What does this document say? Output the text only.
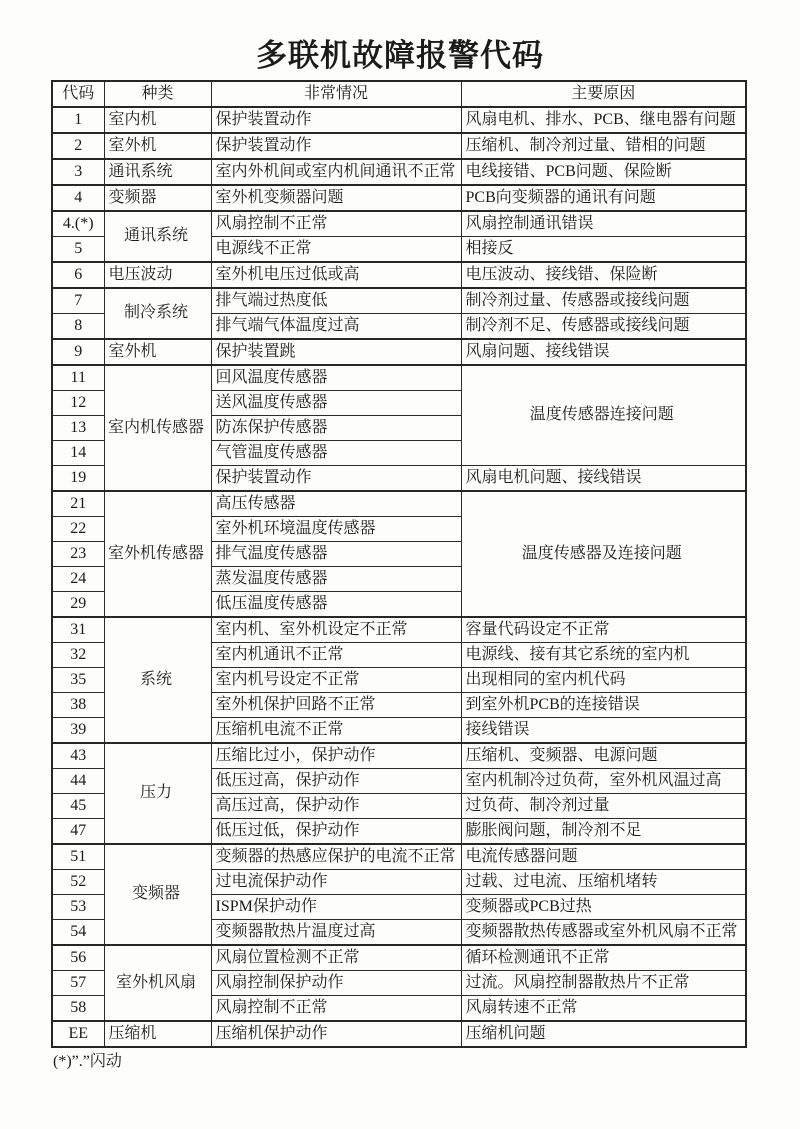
多联机故障报警代码
代码	种类	非常情况	主要原因
1	室内机	保护装置动作	风扇电机、排水、PCB、继电器有问题
2	室外机	保护装置动作	压缩机、制冷剂过量、错相的问题
3	通讯系统	室内外机间或室内机间通讯不正常	电线接错、PCB问题、保险断
4	变频器	室外机变频器问题	PCB向变频器的通讯有问题
4.(*)	通讯系统	风扇控制不正常	风扇控制通讯错误
5		电源线不正常	相接反
6	电压波动	室外机电压过低或高	电压波动、接线错、保险断
7	制冷系统	排气端过热度低	制冷剂过量、传感器或接线问题
8		排气端气体温度过高	制冷剂不足、传感器或接线问题
9	室外机	保护装置跳	风扇问题、接线错误
11	室内机传感器	回风温度传感器	温度传感器连接问题
12		送风温度传感器	
13		防冻保护传感器	
14		气管温度传感器	
19		保护装置动作	风扇电机问题、接线错误
21	室外机传感器	高压传感器	温度传感器及连接问题
22		室外机环境温度传感器	
23		排气温度传感器	
24		蒸发温度传感器	
29		低压温度传感器	
31	系统	室内机、室外机设定不正常	容量代码设定不正常
32		室内机通讯不正常	电源线、接有其它系统的室内机
35		室内机号设定不正常	出现相同的室内机代码
38		室外机保护回路不正常	到室外机PCB的连接错误
39		压缩机电流不正常	接线错误
43	压力	压缩比过小，保护动作	压缩机、变频器、电源问题
44		低压过高，保护动作	室内机制冷过负荷，室外机风温过高
45		高压过高，保护动作	过负荷、制冷剂过量
47		低压过低，保护动作	膨胀阀问题，制冷剂不足
51	变频器	变频器的热感应保护的电流不正常	电流传感器问题
52		过电流保护动作	过载、过电流、压缩机堵转
53		ISPM保护动作	变频器或PCB过热
54		变频器散热片温度过高	变频器散热传感器或室外机风扇不正常
56	室外机风扇	风扇位置检测不正常	循环检测通讯不正常
57		风扇控制保护动作	过流。风扇控制器散热片不正常
58		风扇控制不正常	风扇转速不正常
EE	压缩机	压缩机保护动作	压缩机问题
(*)”.”闪动
